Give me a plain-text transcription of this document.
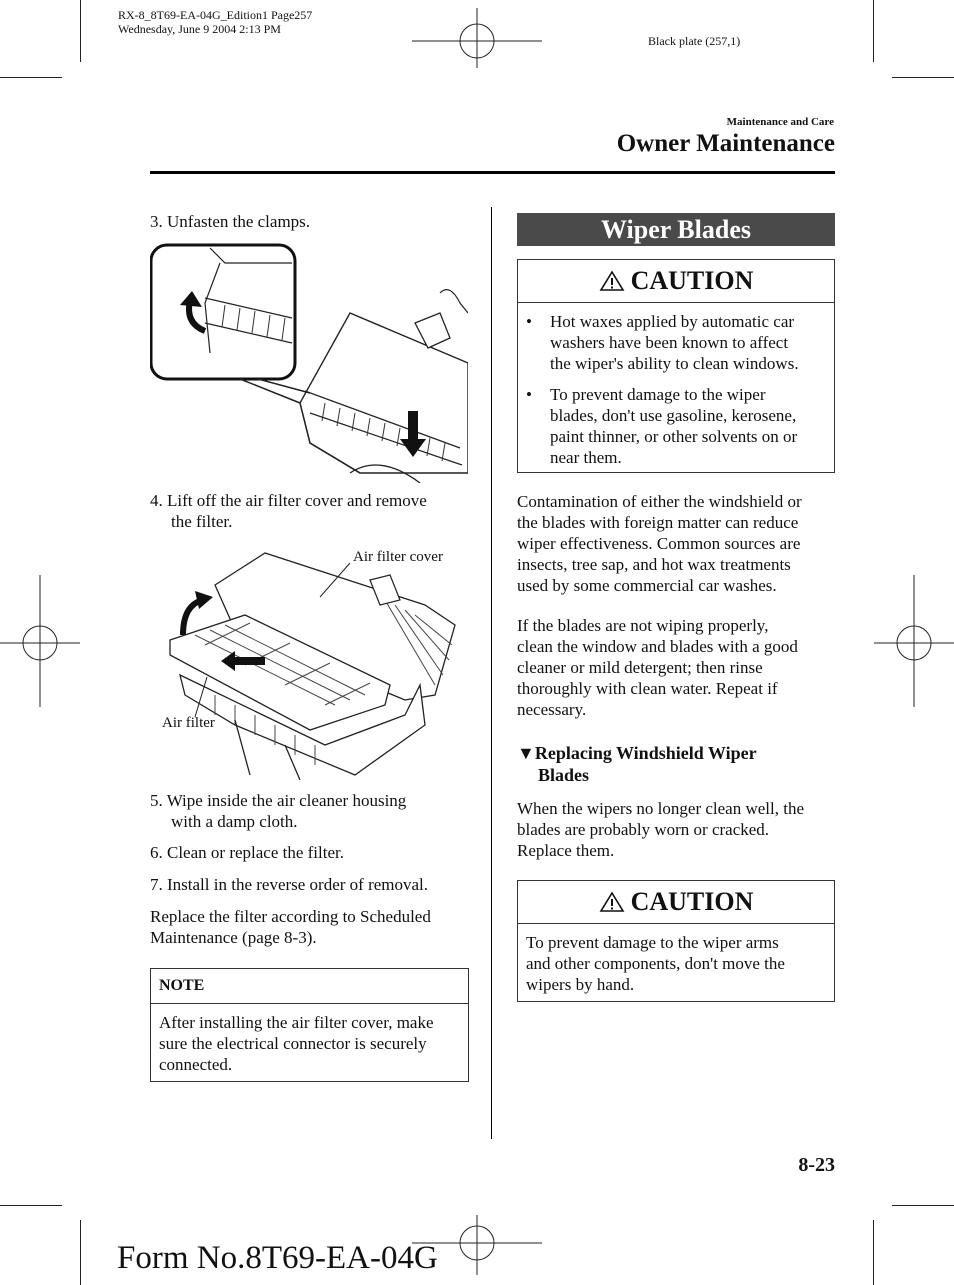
RX-8_8T69-EA-04G_Edition1 Page257
Wednesday, June 9 2004 2:13 PM
Black plate (257,1)
Maintenance and Care
Owner Maintenance
3. Unfasten the clamps.
4. Lift off the air filter cover and remove
the filter.
Air filter cover
Air filter
5. Wipe inside the air cleaner housing
with a damp cloth.
6. Clean or replace the filter.
7. Install in the reverse order of removal.
Replace the filter according to Scheduled
Maintenance (page 8-3).
NOTE
After installing the air filter cover, make
sure the electrical connector is securely
connected.
Wiper Blades
CAUTION
•	Hot waxes applied by automatic car
washers have been known to affect
the wiper's ability to clean windows.
•	To prevent damage to the wiper
blades, don't use gasoline, kerosene,
paint thinner, or other solvents on or
near them.
Contamination of either the windshield or
the blades with foreign matter can reduce
wiper effectiveness. Common sources are
insects, tree sap, and hot wax treatments
used by some commercial car washes.
If the blades are not wiping properly,
clean the window and blades with a good
cleaner or mild detergent; then rinse
thoroughly with clean water. Repeat if
necessary.
▼Replacing Windshield Wiper
Blades
When the wipers no longer clean well, the
blades are probably worn or cracked.
Replace them.
CAUTION
To prevent damage to the wiper arms
and other components, don't move the
wipers by hand.
8-23
Form No.8T69-EA-04G
